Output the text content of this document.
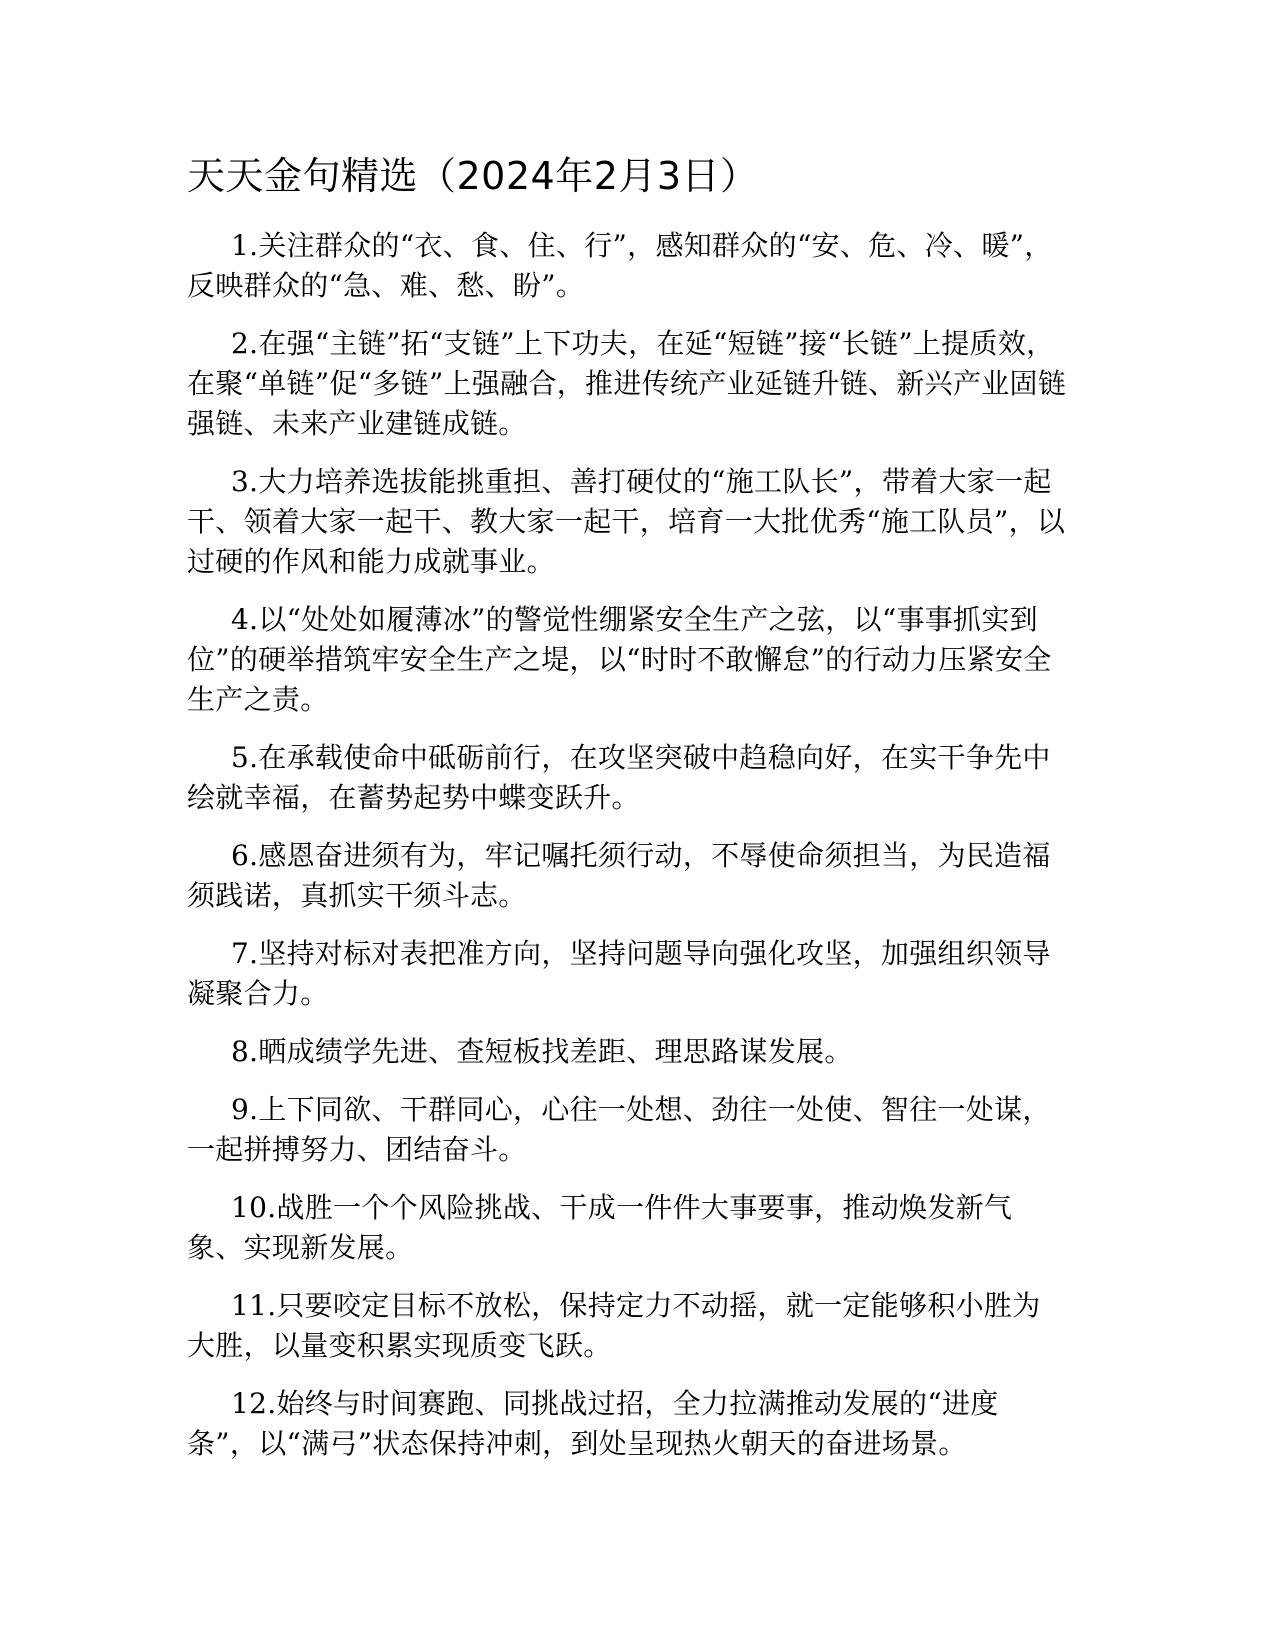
天天金句精选（2024年2月3日）

1.关注群众的“衣、食、住、行”，感知群众的“安、危、冷、暖”，反映群众的“急、难、愁、盼”。

2.在强“主链”拓“支链”上下功夫，在延“短链”接“长链”上提质效，在聚“单链”促“多链”上强融合，推进传统产业延链升链、新兴产业固链强链、未来产业建链成链。

3.大力培养选拔能挑重担、善打硬仗的“施工队长”，带着大家一起干、领着大家一起干、教大家一起干，培育一大批优秀“施工队员”，以过硬的作风和能力成就事业。

4.以“处处如履薄冰”的警觉性绷紧安全生产之弦，以“事事抓实到位”的硬举措筑牢安全生产之堤，以“时时不敢懈怠”的行动力压紧安全生产之责。

5.在承载使命中砥砺前行，在攻坚突破中趋稳向好，在实干争先中绘就幸福，在蓄势起势中蝶变跃升。

6.感恩奋进须有为，牢记嘱托须行动，不辱使命须担当，为民造福须践诺，真抓实干须斗志。

7.坚持对标对表把准方向，坚持问题导向强化攻坚，加强组织领导凝聚合力。

8.晒成绩学先进、查短板找差距、理思路谋发展。

9.上下同欲、干群同心，心往一处想、劲往一处使、智往一处谋，一起拼搏努力、团结奋斗。

10.战胜一个个风险挑战、干成一件件大事要事，推动焕发新气象、实现新发展。

11.只要咬定目标不放松，保持定力不动摇，就一定能够积小胜为大胜，以量变积累实现质变飞跃。

12.始终与时间赛跑、同挑战过招，全力拉满推动发展的“进度条”，以“满弓”状态保持冲刺，到处呈现热火朝天的奋进场景。
